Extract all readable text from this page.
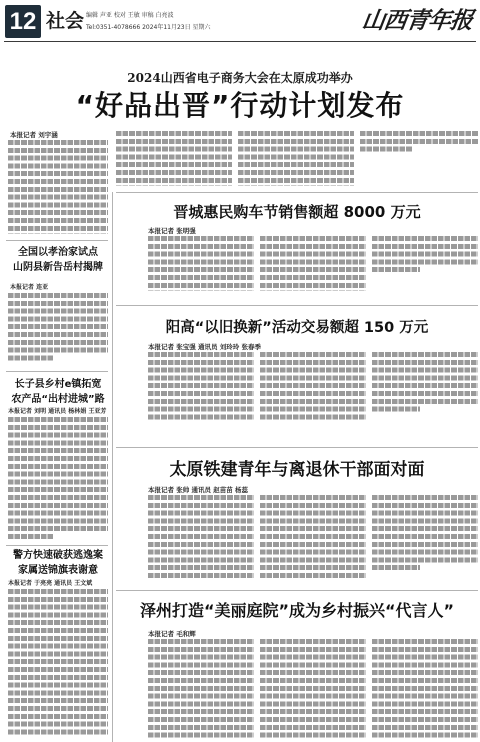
12 社会 编辑 声亚 校对 王敏 审稿 白亮波
Tel:0351-4078666 2024年11月23日 星期六	山西青年报
2024山西省电子商务大会在太原成功举办
“好品出晋”行动计划发布
本报记者 刘宇涵
全国以孝治家试点
山阴县新告岳村揭牌
本报记者 连亚
长子县乡村e镇拓宽
农产品“出村进城”路
本报记者 刘明 通讯员 杨林娟 王亚芳
警方快速破获逃逸案
家属送锦旗表谢意
本报记者 于亮亮 通讯员 王文斌
晋城惠民购车节销售额超 8000 万元
本报记者 张明强
阳高“以旧换新”活动交易额超 150 万元
本报记者 张宝强 通讯员 刘玲玲 张春季
太原铁建青年与离退休干部面对面
本报记者 张帅 通讯员 赵苗苗 杨蕊
泽州打造“美丽庭院”成为乡村振兴“代言人”
本报记者 毛和辉
